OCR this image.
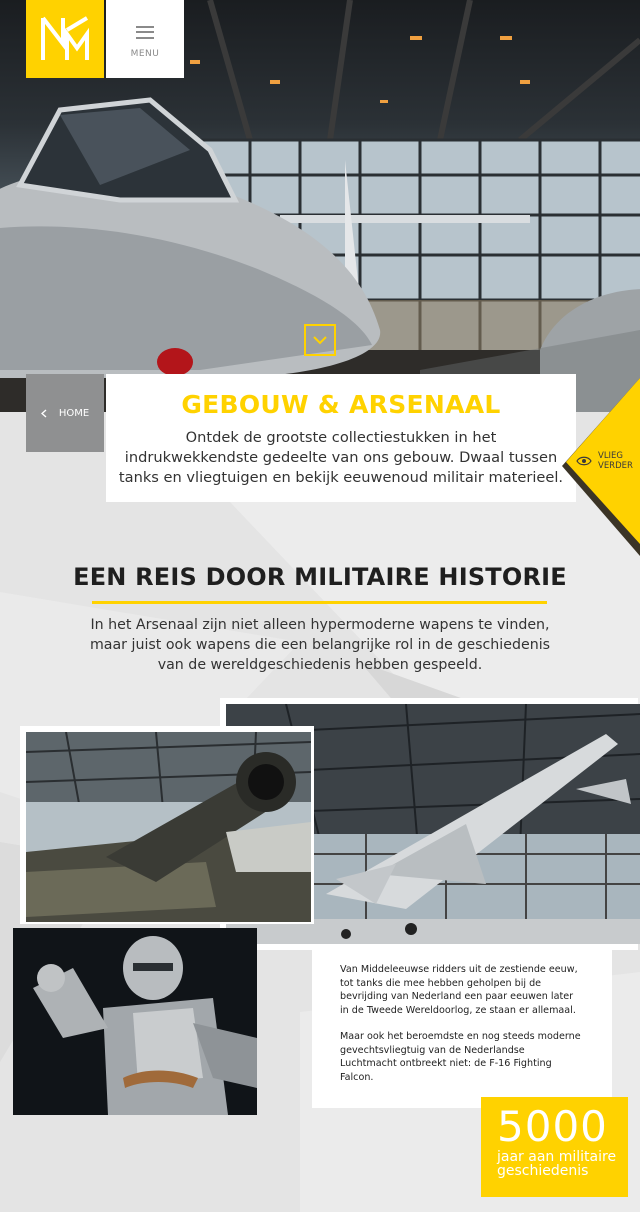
MENU
HOME	GEBOUW & ARSENAAL

Ontdek de grootste collectiestukken in het indrukwekkendste gedeelte van ons gebouw. Dwaal tussen tanks en vliegtuigen en bekijk eeuwenoud militair materieel.

VLIEG
VERDER
EEN REIS DOOR MILITAIRE HISTORIE
In het Arsenaal zijn niet alleen hypermoderne wapens te vinden, maar juist ook wapens die een belangrijke rol in de geschiedenis van de wereldgeschiedenis hebben gespeeld.

Van Middeleeuwse ridders uit de zestiende eeuw, tot tanks die mee hebben geholpen bij de bevrijding van Nederland een paar eeuwen later in de Tweede Wereldoorlog, ze staan er allemaal.

Maar ook het beroemdste en nog steeds moderne gevechtsvliegtuig van de Nederlandse Luchtmacht ontbreekt niet: de F-16 Fighting Falcon.

5000
jaar aan militaire
geschiedenis
